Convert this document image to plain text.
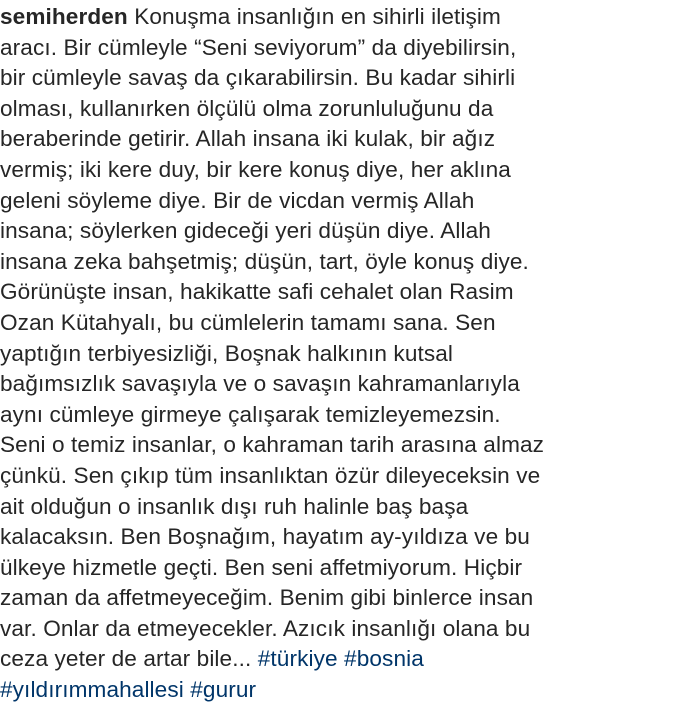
semiherden Konuşma insanlığın en sihirli iletişim
aracı. Bir cümleyle “Seni seviyorum” da diyebilirsin,
bir cümleyle savaş da çıkarabilirsin. Bu kadar sihirli
olması, kullanırken ölçülü olma zorunluluğunu da
beraberinde getirir. Allah insana iki kulak, bir ağız
vermiş; iki kere duy, bir kere konuş diye, her aklına
geleni söyleme diye. Bir de vicdan vermiş Allah
insana; söylerken gideceği yeri düşün diye. Allah
insana zeka bahşetmiş; düşün, tart, öyle konuş diye.
Görünüşte insan, hakikatte safi cehalet olan Rasim
Ozan Kütahyalı, bu cümlelerin tamamı sana. Sen
yaptığın terbiyesizliği, Boşnak halkının kutsal
bağımsızlık savaşıyla ve o savaşın kahramanlarıyla
aynı cümleye girmeye çalışarak temizleyemezsin.
Seni o temiz insanlar, o kahraman tarih arasına almaz
çünkü. Sen çıkıp tüm insanlıktan özür dileyeceksin ve
ait olduğun o insanlık dışı ruh halinle baş başa
kalacaksın. Ben Boşnağım, hayatım ay-yıldıza ve bu
ülkeye hizmetle geçti. Ben seni affetmiyorum. Hiçbir
zaman da affetmeyeceğim. Benim gibi binlerce insan
var. Onlar da etmeyecekler. Azıcık insanlığı olana bu
ceza yeter de artar bile... #türkiye #bosnia
#yıldırımmahallesi #gurur
